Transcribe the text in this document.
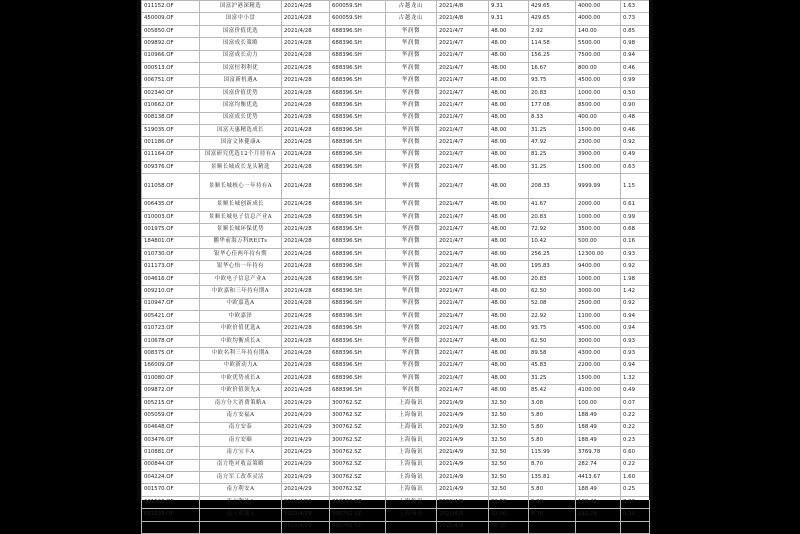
011152.OF	国富沪港深精选	2021/4/28	600059.SH	古越龙山	2021/4/8	9.31	429.65	4000.00	1.63
450009.OF	国富中小盘	2021/4/28	600059.SH	古越龙山	2021/4/8	9.31	429.65	4000.00	0.73
005850.OF	国富价值优选	2021/4/28	688396.SH	华润微	2021/4/7	48.00	2.92	140.00	0.85
009892.OF	国富成长策略	2021/4/28	688396.SH	华润微	2021/4/7	48.00	114.58	5500.00	0.98
010966.OF	国富成长动力	2021/4/28	688396.SH	华润微	2021/4/7	48.00	156.25	7500.00	0.94
000513.OF	国富恒利利优	2021/4/28	688396.SH	华润微	2021/4/7	48.00	16.67	800.00	0.46
006751.OF	国富新机遇A	2021/4/28	688396.SH	华润微	2021/4/7	48.00	93.75	4500.00	0.99
002340.OF	国富价值优势	2021/4/28	688396.SH	华润微	2021/4/7	48.00	20.83	1000.00	0.50
010662.OF	国富均衡优选	2021/4/28	688396.SH	华润微	2021/4/7	48.00	177.08	8500.00	0.90
008138.OF	国富成长优势	2021/4/28	688396.SH	华润微	2021/4/7	48.00	8.33	400.00	0.48
519035.OF	国富天惠精选成长	2021/4/28	688396.SH	华润微	2021/4/7	48.00	31.25	1500.00	0.46
001186.OF	国富文体健康A	2021/4/28	688396.SH	华润微	2021/4/7	48.00	47.92	2300.00	0.92
011164.OF	国富研究优选12个月持有A	2021/4/28	688396.SH	华润微	2021/4/7	48.00	81.25	3900.00	0.49
009376.OF	景顺长城成长龙头精选	2021/4/28	688396.SH	华润微	2021/4/7	48.00	31.25	1500.00	0.63
011058.OF	景顺长城核心一年持有A	2021/4/28	688396.SH	华润微	2021/4/7	48.00	208.33	9999.99	1.15
006435.OF	景顺长城创新成长	2021/4/28	688396.SH	华润微	2021/4/7	48.00	41.67	2000.00	0.61
010003.OF	景顺长城电子信息产业A	2021/4/28	688396.SH	华润微	2021/4/7	48.00	20.83	1000.00	0.99
001975.OF	景顺长城环保优势	2021/4/28	688396.SH	华润微	2021/4/7	48.00	72.92	3500.00	0.68
184801.OF	鹏华前海万科REITs	2021/4/28	688396.SH	华润微	2021/4/7	48.00	10.42	500.00	0.16
010730.OF	银华心佳两年持有期	2021/4/28	688396.SH	华润微	2021/4/7	48.00	256.25	12300.00	0.93
011173.OF	银华心怡一年持有	2021/4/28	688396.SH	华润微	2021/4/7	48.00	195.83	9400.00	0.92
004616.OF	中欧电子信息产业A	2021/4/28	688396.SH	华润微	2021/4/7	48.00	20.83	1000.00	1.98
009210.OF	中欧嘉和三年持有期A	2021/4/28	688396.SH	华润微	2021/4/7	48.00	62.50	3000.00	1.42
010947.OF	中欧嘉选A	2021/4/28	688396.SH	华润微	2021/4/7	48.00	52.08	2500.00	0.92
005421.OF	中欧嘉泽	2021/4/28	688396.SH	华润微	2021/4/7	48.00	22.92	1100.00	0.94
010723.OF	中欧价值优选A	2021/4/28	688396.SH	华润微	2021/4/7	48.00	93.75	4500.00	0.94
010678.OF	中欧均衡成长A	2021/4/28	688396.SH	华润微	2021/4/7	48.00	62.50	3000.00	0.93
008375.OF	中欧名利三年持有期A	2021/4/28	688396.SH	华润微	2021/4/7	48.00	89.58	4300.00	0.93
166009.OF	中欧新动力A	2021/4/28	688396.SH	华润微	2021/4/7	48.00	45.83	2200.00	0.94
010080.OF	中欧优势成长A	2021/4/28	688396.SH	华润微	2021/4/7	48.00	31.25	1500.00	1.32
009872.OF	中欧价值领先A	2021/4/28	688396.SH	华润微	2021/4/7	48.00	85.42	4100.00	0.49
005215.OF	南方分大消费策略A	2021/4/29	300762.SZ	上海翰讯	2021/4/9	32.50	3.08	100.00	0.07
005059.OF	南方安福A	2021/4/29	300762.SZ	上海翰讯	2021/4/9	32.50	5.80	188.49	0.22
004648.OF	南方安泰	2021/4/29	300762.SZ	上海翰讯	2021/4/9	32.50	5.80	188.49	0.22
003476.OF	南方安颐	2021/4/29	300762.SZ	上海翰讯	2021/4/9	32.50	5.80	188.49	0.23
010881.OF	南方宝丰A	2021/4/29	300762.SZ	上海翰讯	2021/4/9	32.50	115.99	3769.78	0.60
000844.OF	南方绝对收益策略	2021/4/29	300762.SZ	上海翰讯	2021/4/9	32.50	8.70	282.74	0.22
004224.OF	南方军工改革灵活	2021/4/29	300762.SZ	上海翰讯	2021/4/9	32.50	135.81	4413.67	1.60
001570.OF	南方利安A	2021/4/29	300762.SZ	上海翰讯	2021/4/9	32.50	5.80	188.49	0.25
001566.OF	南方利达A	2021/4/29	300762.SZ	上海翰讯	2021/4/9	32.50	5.80	188.49	0.30
001335.OF	南方利鑫A	2021/4/29	300762.SZ	上海翰讯	2021/4/9	32.50	8.70	282.74	0.30
		2021/4/29	300762.SZ		2021/4/9	32.50			
